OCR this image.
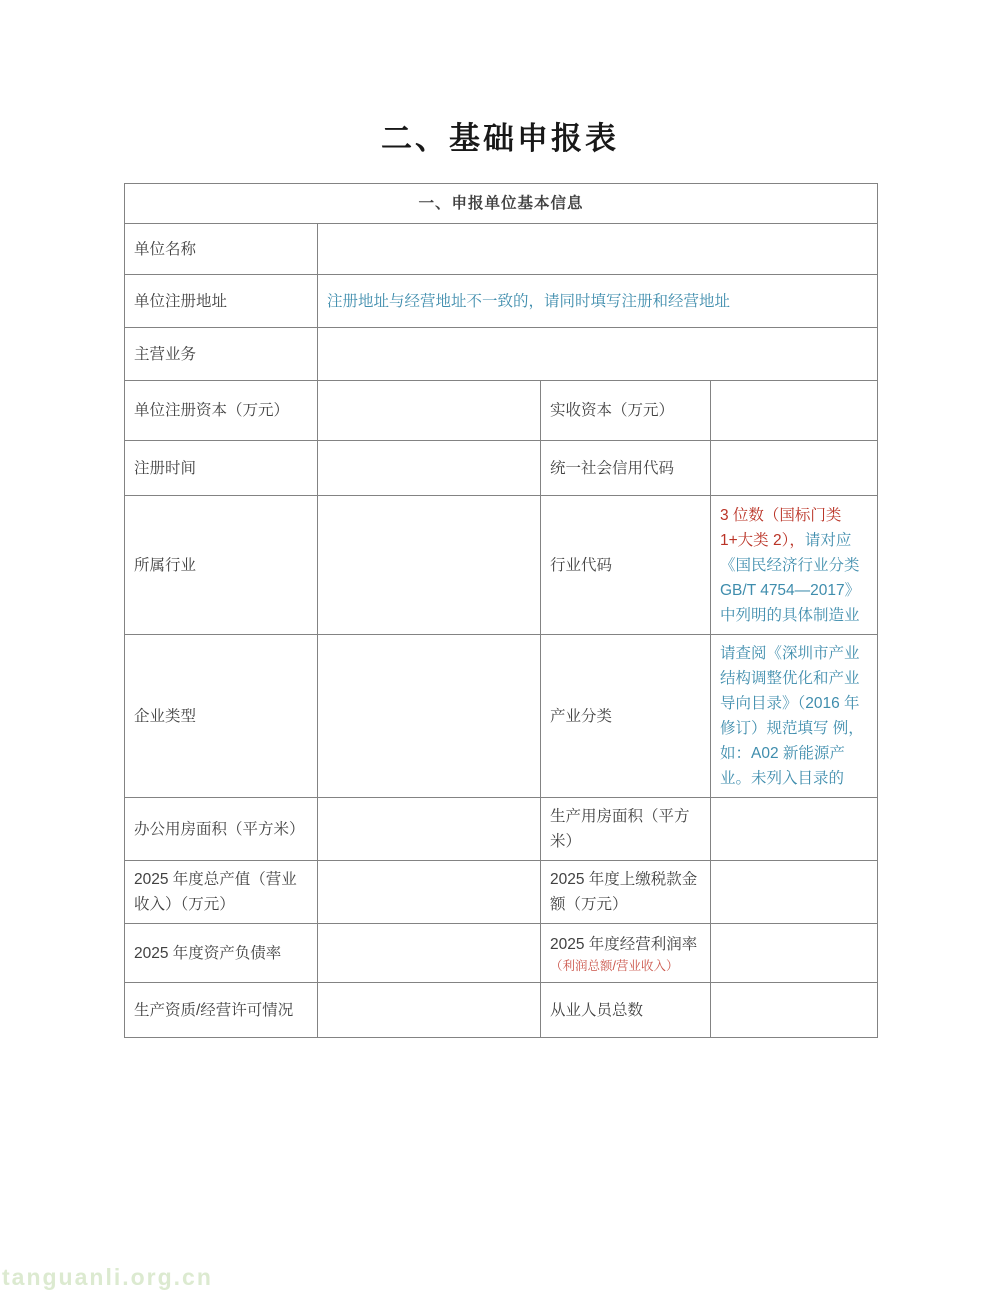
二、基础申报表
一、申报单位基本信息			
单位名称			
单位注册地址	注册地址与经营地址不一致的，请同时填写注册和经营地址		
主营业务			
单位注册资本（万元）		实收资本（万元）	
注册时间		统一社会信用代码	
所属行业		行业代码	3 位数（国标门类 1+大类 2），请对应《国民经济行业分类 GB/T 4754—2017》中列明的具体制造业
企业类型		产业分类	请查阅《深圳市产业结构调整优化和产业导向目录》（2016 年修订）规范填写 例，如：A02 新能源产业。未列入目录的
办公用房面积（平方米）		生产用房面积（平方米）	
2025 年度总产值（营业收入）（万元）		2025 年度上缴税款金额（万元）	
2025 年度资产负债率		2025 年度经营利润率
（利润总额/营业收入）	

生产资质/经营许可情况		从业人员总数	
tanguanli.org.cn
